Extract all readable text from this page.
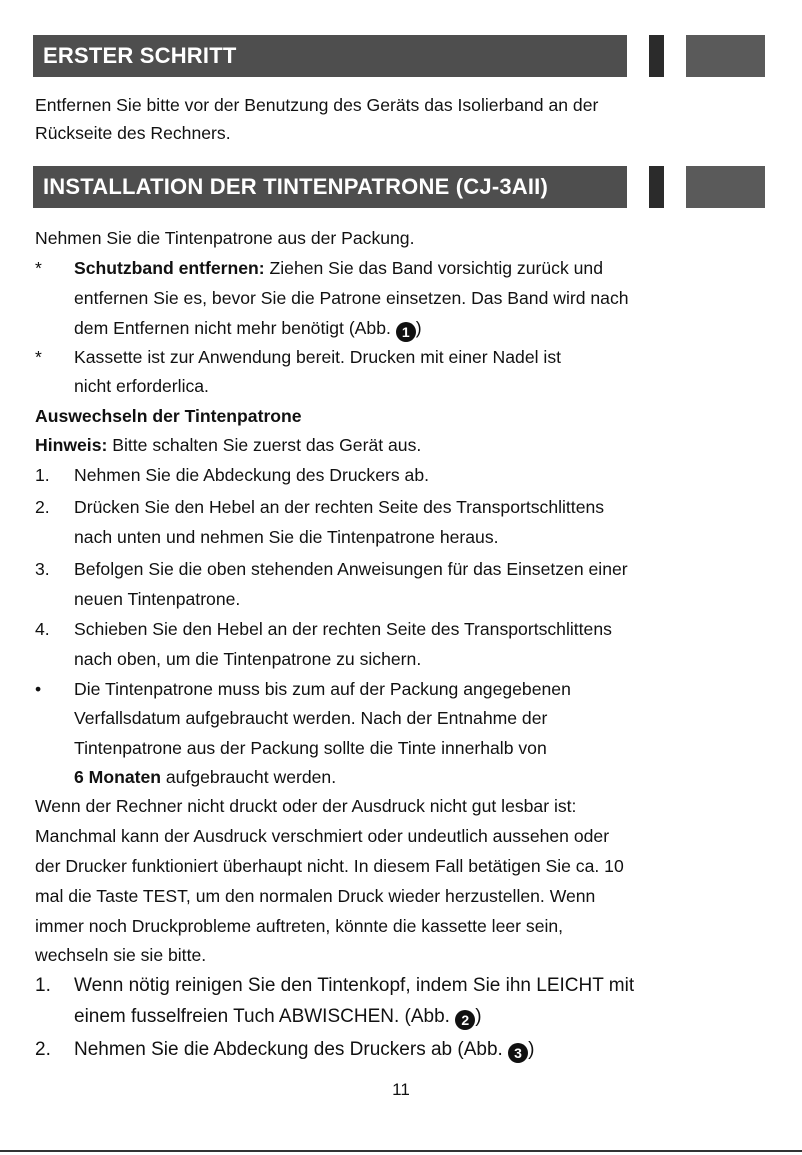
ERSTER SCHRITT
Entfernen Sie bitte vor der Benutzung des Geräts das Isolierband an der
Rückseite des Rechners.
INSTALLATION DER TINTENPATRONE (CJ-3AII)
Nehmen Sie die Tintenpatrone aus der Packung.
* Schutzband entfernen: Ziehen Sie das Band vorsichtig zurück und
entfernen Sie es, bevor Sie die Patrone einsetzen. Das Band wird nach
dem Entfernen nicht mehr benötigt (Abb. 1 )
* Kassette ist zur Anwendung bereit. Drucken mit einer Nadel ist
nicht erforderlica.
Auswechseln der Tintenpatrone
Hinweis: Bitte schalten Sie zuerst das Gerät aus.
1. Nehmen Sie die Abdeckung des Druckers ab.
2. Drücken Sie den Hebel an der rechten Seite des Transportschlittens
nach unten und nehmen Sie die Tintenpatrone heraus.
3. Befolgen Sie die oben stehenden Anweisungen für das Einsetzen einer
neuen Tintenpatrone.
4. Schieben Sie den Hebel an der rechten Seite des Transportschlittens
nach oben, um die Tintenpatrone zu sichern.
• Die Tintenpatrone muss bis zum auf der Packung angegebenen
Verfallsdatum aufgebraucht werden. Nach der Entnahme der
Tintenpatrone aus der Packung sollte die Tinte innerhalb von
6 Monaten aufgebraucht werden.
Wenn der Rechner nicht druckt oder der Ausdruck nicht gut lesbar ist:
Manchmal kann der Ausdruck verschmiert oder undeutlich aussehen oder
der Drucker funktioniert überhaupt nicht. In diesem Fall betätigen Sie ca. 10
mal die Taste TEST, um den normalen Druck wieder herzustellen. Wenn
immer noch Druckprobleme auftreten, könnte die kassette leer sein,
wechseln sie sie bitte.
1. Wenn nötig reinigen Sie den Tintenkopf, indem Sie ihn LEICHT mit
einem fusselfreien Tuch ABWISCHEN. (Abb. 2 )
2. Nehmen Sie die Abdeckung des Druckers ab (Abb. 3 )
11
